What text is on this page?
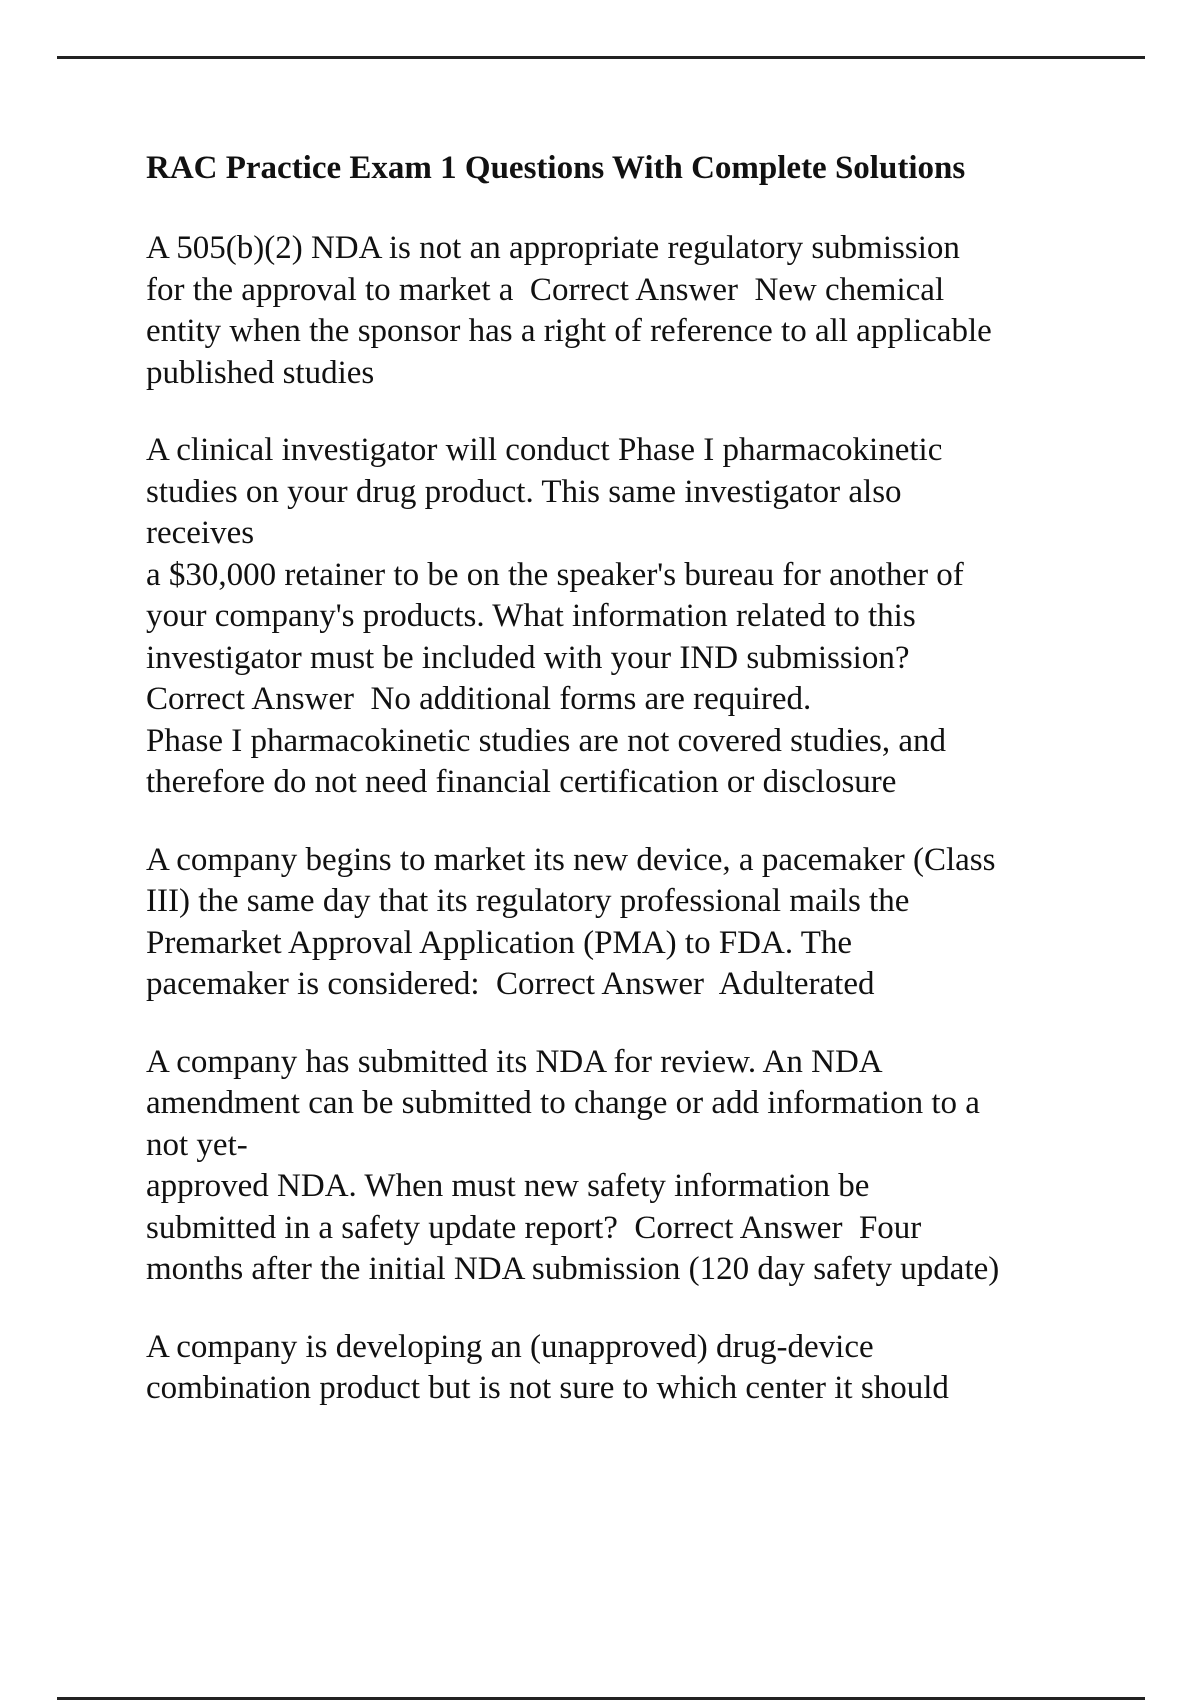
RAC Practice Exam 1 Questions With Complete Solutions
A 505(b)(2) NDA is not an appropriate regulatory submission
for the approval to market a  Correct Answer  New chemical
entity when the sponsor has a right of reference to all applicable
published studies
A clinical investigator will conduct Phase I pharmacokinetic
studies on your drug product. This same investigator also
receives
a $30,000 retainer to be on the speaker's bureau for another of
your company's products. What information related to this
investigator must be included with your IND submission?
Correct Answer  No additional forms are required.
Phase I pharmacokinetic studies are not covered studies, and
therefore do not need financial certification or disclosure
A company begins to market its new device, a pacemaker (Class
III) the same day that its regulatory professional mails the
Premarket Approval Application (PMA) to FDA. The
pacemaker is considered:  Correct Answer  Adulterated
A company has submitted its NDA for review. An NDA
amendment can be submitted to change or add information to a
not yet-
approved NDA. When must new safety information be
submitted in a safety update report?  Correct Answer  Four
months after the initial NDA submission (120 day safety update)
A company is developing an (unapproved) drug-device
combination product but is not sure to which center it should
